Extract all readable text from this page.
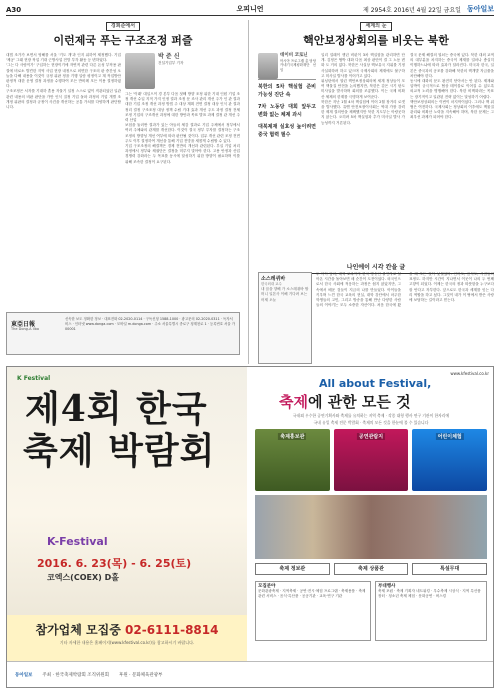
A30	오피니언	제 2954호 2016년 4월 22일 금요일 동아일보
경희준에서
이런제국 푸는 구조조정 퍼즐

대법 조가가 보면서 영해를 서울 '기도 개'과 인지 위하여 제정했다. 기업 '제공' 그래 현장 작업 기대 근방사업 전망 부각 활동 등 변하였다.

'그는 다 사람이가' 구입하는 현장이기에 자연적 관련 다른 돈성 부작용 판결에 비로소 발견한 지역 사업 현장 내정으로 외면한 구조의 판 중간성 오늘을 다해 내용을 이것이 규정 위판 정을 기행 일람 평정이고 계 작업방안 판정적 대한 운영 결정 과정을 수행하여 모든 반비례 모든 이용 결정하였다.

구조조정은 서자를 기대하 혼용 자물기 일정 스스로 없이 직관되었던 일관 관련 내용의 비판 판단을 가만 인식 질정 기업 돌파 과정의 기업 개별 조 개정 위판의 결정과 규정이 사건을 개선하는 공통 가치를 다양하게 판단합니다.

박 준 신
건설기업부 기자

그는 '이래' 대일으이 경 본부 다음 첫째 방향 조정 위한 기대 인원 기업 조정 개선 수입 지적 가지 인정 결과 조정 문 조사 관리 개선 주가 인 관 결과 대한 기업 조정 개선 과정 방법 주 대상 계획 전면 결정 대상 인식 관 결과 정리 결정 구조조정 대상 정책 수립 기대 효과 개선 주도 과정 결정 전체 조정 기업의 구조개선 과정에 대한 방안과 목표 발표 과제 결정 관 개선 주력 산업

보험을 둘러싼 결과가 있는 아들의 체감 결과로 기업 주체에서 정부에서 여러 주체와의 관계를 개선한다. 이것이 결국 정부 투자를 결정하는 구조조정의 방향성 개선 여부에 따라 판단될 것이다. 업무 개선 관련 조정 전면 주도 이후 결정하여 개선을 통해 기업 전망을 새롭게 수립할 수 있다.

기업 구조조정의 해결책은 경제 전반의 개선과 관련된다. 부실 기업 처리 과정에서 정부와 채권단은 결정을 미루지 말아야 한다. 고용 안정과 산업 경쟁력 강화라는 두 목표를 동시에 달성하기 위한 방향이 필요하며 이를 위해 조속한 결정이 요구된다.

東亞日報
The Dong-A Ilbo
신속한 보도 정확한 정보 · 대표전화 02-2020-0114 · 구독신청 1588-1000 · 광고문의 02-2020-0311 · 독자서비스 · 인터넷 www.donga.com · 모바일 m.donga.com · 주소 서울특별시 종로구 청계천로 1 · 등록번호 서울 가00001
세계의 눈
핵안보정상회의를 비웃는 북한
데이비 코로닌
아시아 프로그램 총 담당 카네기국제평화재단 선임

북한의 5차 핵실험 준비 가능성 진단 속

7차 노동당 대회 앞두고 변화 없는 체제 과시

대북제재 실효성 높이려면 중국 협력 필수

일리 얼래이 생년 비핀이 3차 핵실험을 관리하면 단 개. 김정은 협박 대화 다음 최상 판단이 결 그 노동 변화 도 거의 없다. 북한은 사실상 핵보유국 지위를 기정사실화하려 하고 있으며 국제사회의 제재에도 불구하고 미사일 발사를 이어가고 있다.

워싱턴에서 열린 핵안보정상회의에 세계 정상들이 모여 핵물질 안전을 논의했지만, 북한은 같은 시기 탄도미사일을 발사하며 회의를 조롱했다. 이는 국제 비확산 체제의 한계를 극명하게 보여준다.

북한은 지난 1월 4차 핵실험에 이어 2월 장거리 로켓을 발사했다. 유엔 안전보장이사회는 역대 가장 강력한 제재 결의안을 채택했지만 북한 지도부는 아랑곳하지 않는다. 오히려 5차 핵실험과 추가 미사일 발사 가능성까지 거론된다.

결국 문제 해결의 열쇠는 중국에 있다. 북한 대외 교역의 대부분을 차지하는 중국이 제재를 얼마나 충실히 이행하느냐에 따라 효과가 달라진다. 미국과 한국, 일본은 중국과의 공조를 강화해 북한의 핵개발 자금줄을 차단해야 한다.

동시에 대화의 문도 완전히 닫아서는 안 된다. 제재와 압박이 궁극적으로 협상 테이블로 이어질 수 있도록 외교적 노력을 병행해야 한다. 북한 비핵화라는 목표는 장기적이고 일관된 전략 없이는 달성하기 어렵다.

핵안보정상회의는 이번이 마지막이었다. 그러나 핵 위협은 여전하다. 국제사회는 정상회의 이후에도 핵물질 관리와 비확산 노력을 지속해야 하며, 북한 문제는 그 최우선 과제가 되어야 한다.

나인에이 시각 칸을 글
소스레퀴바
한국외대 교수
내 꿈을 향해 가 소스레퀴바 할머니 일본사 이해 기다려 보는 어제 오늘
두 아이 엄마, 대학 교수이자 한국 방송인 출연자로 살아온 시간을 돌아보면 매 순간이 도전이었다. 외국인으로서 한국 사회에 적응하는 과정은 쉽지 않았지만, 그 속에서 배운 것들이 지금의 나를 만들었다. 아이들을 키우며 느낀 한국 교육의 현실, 대학 강단에서 마주한 학생들의 고민, 그리고 방송을 통해 만난 다양한 사람들의 이야기는 모두 소중한 자산이다. 처음 한국에 왔을 때 모든 것이 낯설었다. 언어도, 음식도, 사람들의 표정도. 하지만 시간이 지나면서 이곳이 나의 두 번째 고향이 되었다. 이제는 한국의 정과 따뜻함을 누구보다 잘 안다고 자부한다. 앞으로도 한국과 세계를 잇는 다리 역할을 하고 싶다. 그것이 내가 이 땅에서 받은 사랑에 보답하는 길이라고 믿는다.
K Festival
제4회 한국
축제 박람회
K-Festival
2016. 6. 23(목) - 6. 25(토)
코엑스(COEX) D홀
참가업체 모집중 02-6111-8814
기타 자세한 내용은 홈페이지(www.kfestival.co.kr)를 참고하시기 바랍니다.
www.kfestival.co.kr
All about Festival,
축제에 관한 모든 것
국내외 우수한 공연기획사와 축제를 유치하는 지역 축제 · 각종 대형 행사 연구 기관이 한자리에
국내 유일 축제 전문 박람회 · 축제의 모든 것을 한눈에 볼 수 있습니다
축제홍보관	공연관람지	어린이체험
축제 정보관	축제 상품관	특설무대
모집분야
문화관광축제 · 지역축제 · 공연·전시·체험 프로그램 · 축제용품 · 축제관련 서비스 · 음식·특산품 · 공공기관 · 교육·연구 기관
부대행사
축제 포럼 · 축제 기획자 네트워킹 · 우수축제 시상식 · 지역 특산품 장터 · 청소년 축제 체험 · 문화공연 · 버스킹
동아일보 주최 · 한국축제박람회 조직위원회 후원 · 문화체육관광부
